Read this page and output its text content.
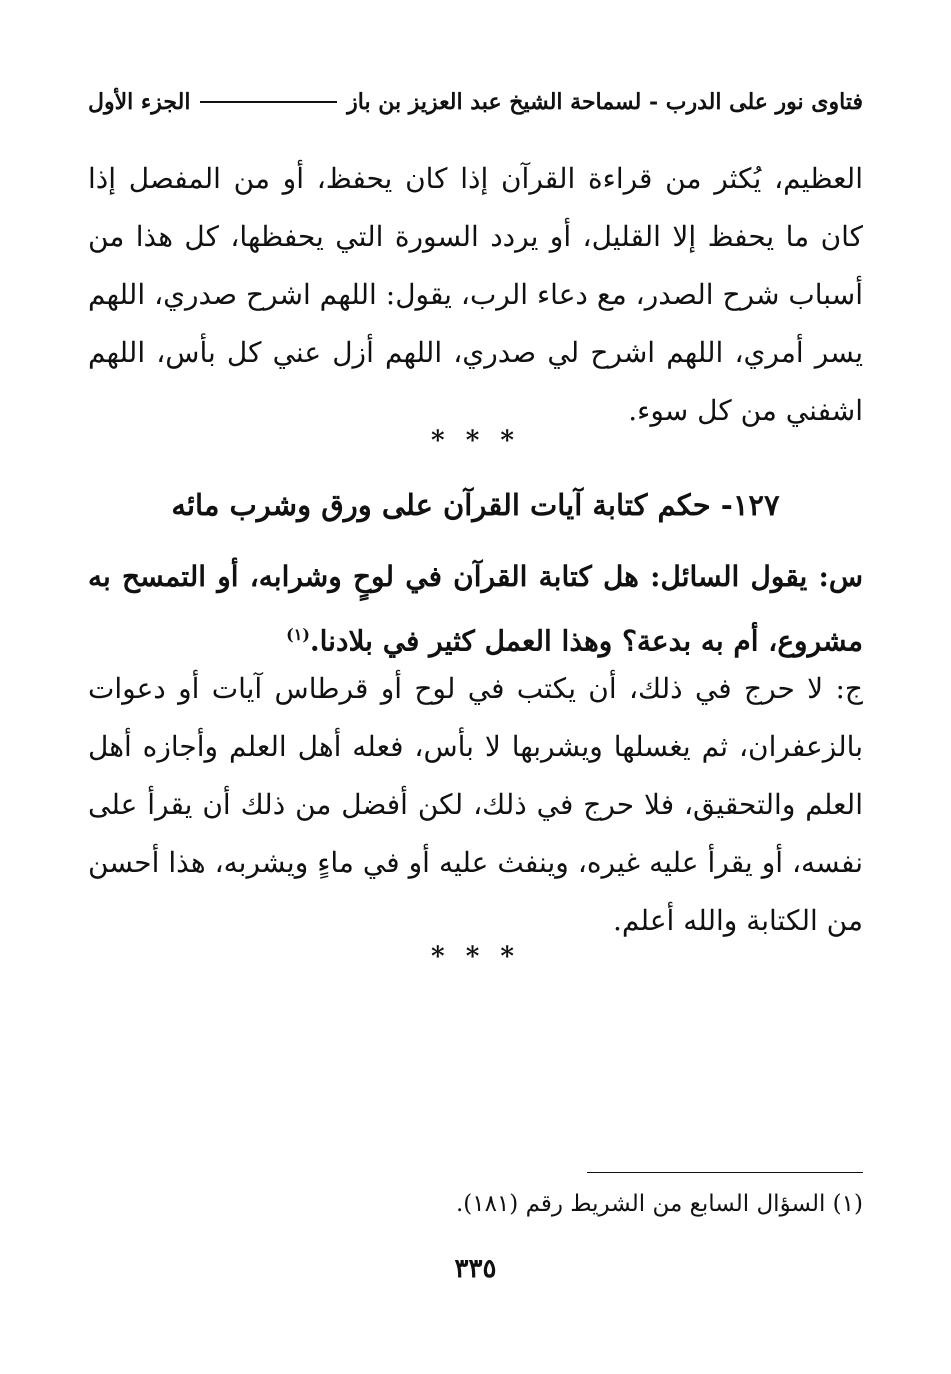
فتاوى نور على الدرب - لسماحة الشيخ عبد العزيز بن باز
الجزء الأول
العظيم، يُكثر من قراءة القرآن إذا كان يحفظ، أو من المفصل إذا كان ما يحفظ إلا القليل، أو يردد السورة التي يحفظها، كل هذا من أسباب شرح الصدر، مع دعاء الرب، يقول: اللهم اشرح صدري، اللهم يسر أمري، اللهم اشرح لي صدري، اللهم أزل عني كل بأس، اللهم اشفني من كل سوء.
* * *
١٢٧- حكم كتابة آيات القرآن على ورق وشرب مائه
س: يقول السائل: هل كتابة القرآن في لوحٍ وشرابه، أو التمسح به مشروع، أم به بدعة؟ وهذا العمل كثير في بلادنا.$^{(١)}$
ج: لا حرج في ذلك، أن يكتب في لوح أو قرطاس آيات أو دعوات بالزعفران، ثم يغسلها ويشربها لا بأس، فعله أهل العلم وأجازه أهل العلم والتحقيق، فلا حرج في ذلك، لكن أفضل من ذلك أن يقرأ على نفسه، أو يقرأ عليه غيره، وينفث عليه أو في ماءٍ ويشربه، هذا أحسن من الكتابة والله أعلم.
* * *
(١) السؤال السابع من الشريط رقم (١٨١).
٣٣٥
